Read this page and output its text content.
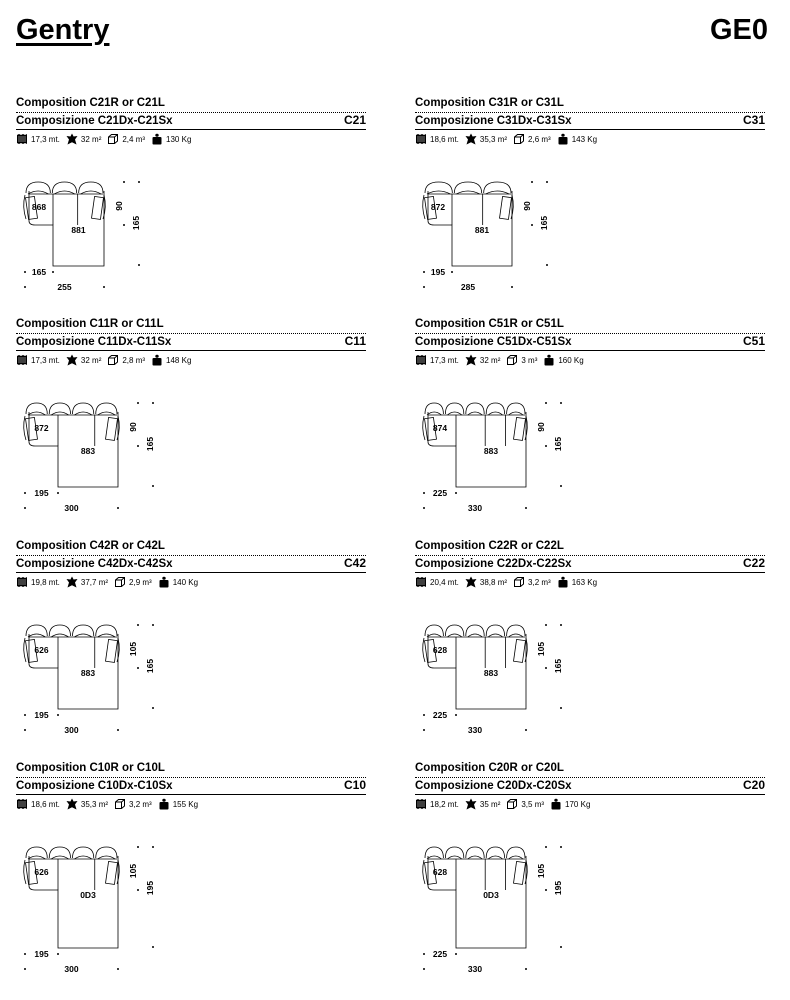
Gentry	GE0
Composition C21R or C21L
Composizione C21Dx-C21Sx	C21
17,3 mt.	32 m²	2,4 m³	130 Kg
868
881
90
165
165
255
Composition C31R or C31L
Composizione C31Dx-C31Sx	C31
18,6 mt.	35,3 m²	2,6 m³	143 Kg
872
881
90
165
195
285
Composition C11R or C11L
Composizione C11Dx-C11Sx	C11
17,3 mt.	32 m²	2,8 m³	148 Kg
872
883
90
165
195
300
Composition C51R or C51L
Composizione C51Dx-C51Sx	C51
17,3 mt.	32 m²	3 m³	160 Kg
874
883
90
165
225
330
Composition C42R or C42L
Composizione C42Dx-C42Sx	C42
19,8 mt.	37,7 m²	2,9 m³	140 Kg
626
883
105
165
195
300
Composition C22R or C22L
Composizione C22Dx-C22Sx	C22
20,4 mt.	38,8 m²	3,2 m³	163 Kg
628
883
105
165
225
330
Composition C10R or C10L
Composizione C10Dx-C10Sx	C10
18,6 mt.	35,3 m²	3,2 m³	155 Kg
626
0D3
105
195
195
300
Composition C20R or C20L
Composizione C20Dx-C20Sx	C20
18,2 mt.	35 m²	3,5 m³	170 Kg
628
0D3
105
195
225
330
